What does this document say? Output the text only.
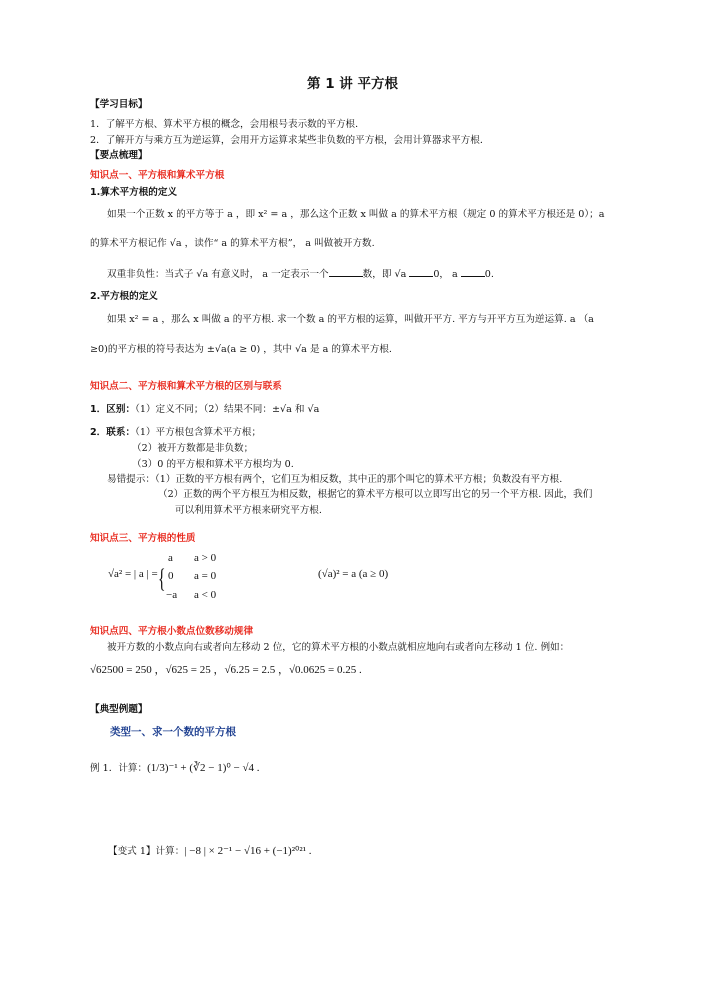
第 1 讲 平方根
【学习目标】
1．了解平方根、算术平方根的概念，会用根号表示数的平方根．
2．了解开方与乘方互为逆运算，会用开方运算求某些非负数的平方根，会用计算器求平方根．
【要点梳理】
知识点一、平方根和算术平方根
1.算术平方根的定义
如果一个正数 x 的平方等于 a ，即 x² = a ，那么这个正数 x 叫做 a 的算术平方根（规定 0 的算术平方根还是 0）；a
的算术平方根记作 √a ，读作“ a 的算术平方根”， a 叫做被开方数.
双重非负性：当式子 √a 有意义时， a 一定表示一个	数，即 √a	0， a	0.
2.平方根的定义
如果 x² = a ，那么 x 叫做 a 的平方根. 求一个数 a 的平方根的运算，叫做开平方. 平方与开平方互为逆运算. a （a
≥0)的平方根的符号表达为 ±√a(a ≥ 0) ，其中 √a 是 a 的算术平方根.
知识点二、平方根和算术平方根的区别与联系
1．区别：（1）定义不同；（2）结果不同：±√a 和 √a
2．联系：（1）平方根包含算术平方根；
（2）被开方数都是非负数；
（3）0 的平方根和算术平方根均为 0.
易错提示：（1）正数的平方根有两个，它们互为相反数，其中正的那个叫它的算术平方根；负数没有平方根.
（2）正数的两个平方根互为相反数，根据它的算术平方根可以立即写出它的另一个平方根. 因此，我们
可以利用算术平方根来研究平方根.
知识点三、平方根的性质
√a² = | a | = {
a a > 0
0 a = 0
−a a < 0
(√a)² = a (a ≥ 0)
知识点四、平方根小数点位数移动规律
被开方数的小数点向右或者向左移动 2 位，它的算术平方根的小数点就相应地向右或者向左移动 1 位. 例如：
√62500 = 250 ，√625 = 25 ，√6.25 = 2.5 ，√0.0625 = 0.25 .
【典型例题】
类型一、求一个数的平方根
例 1．计算：(1/3)⁻¹ + (∛2 − 1)⁰ − √4 .
【变式 1】计算：| −8 | × 2⁻¹ − √16 + (−1)²⁰²¹ .
